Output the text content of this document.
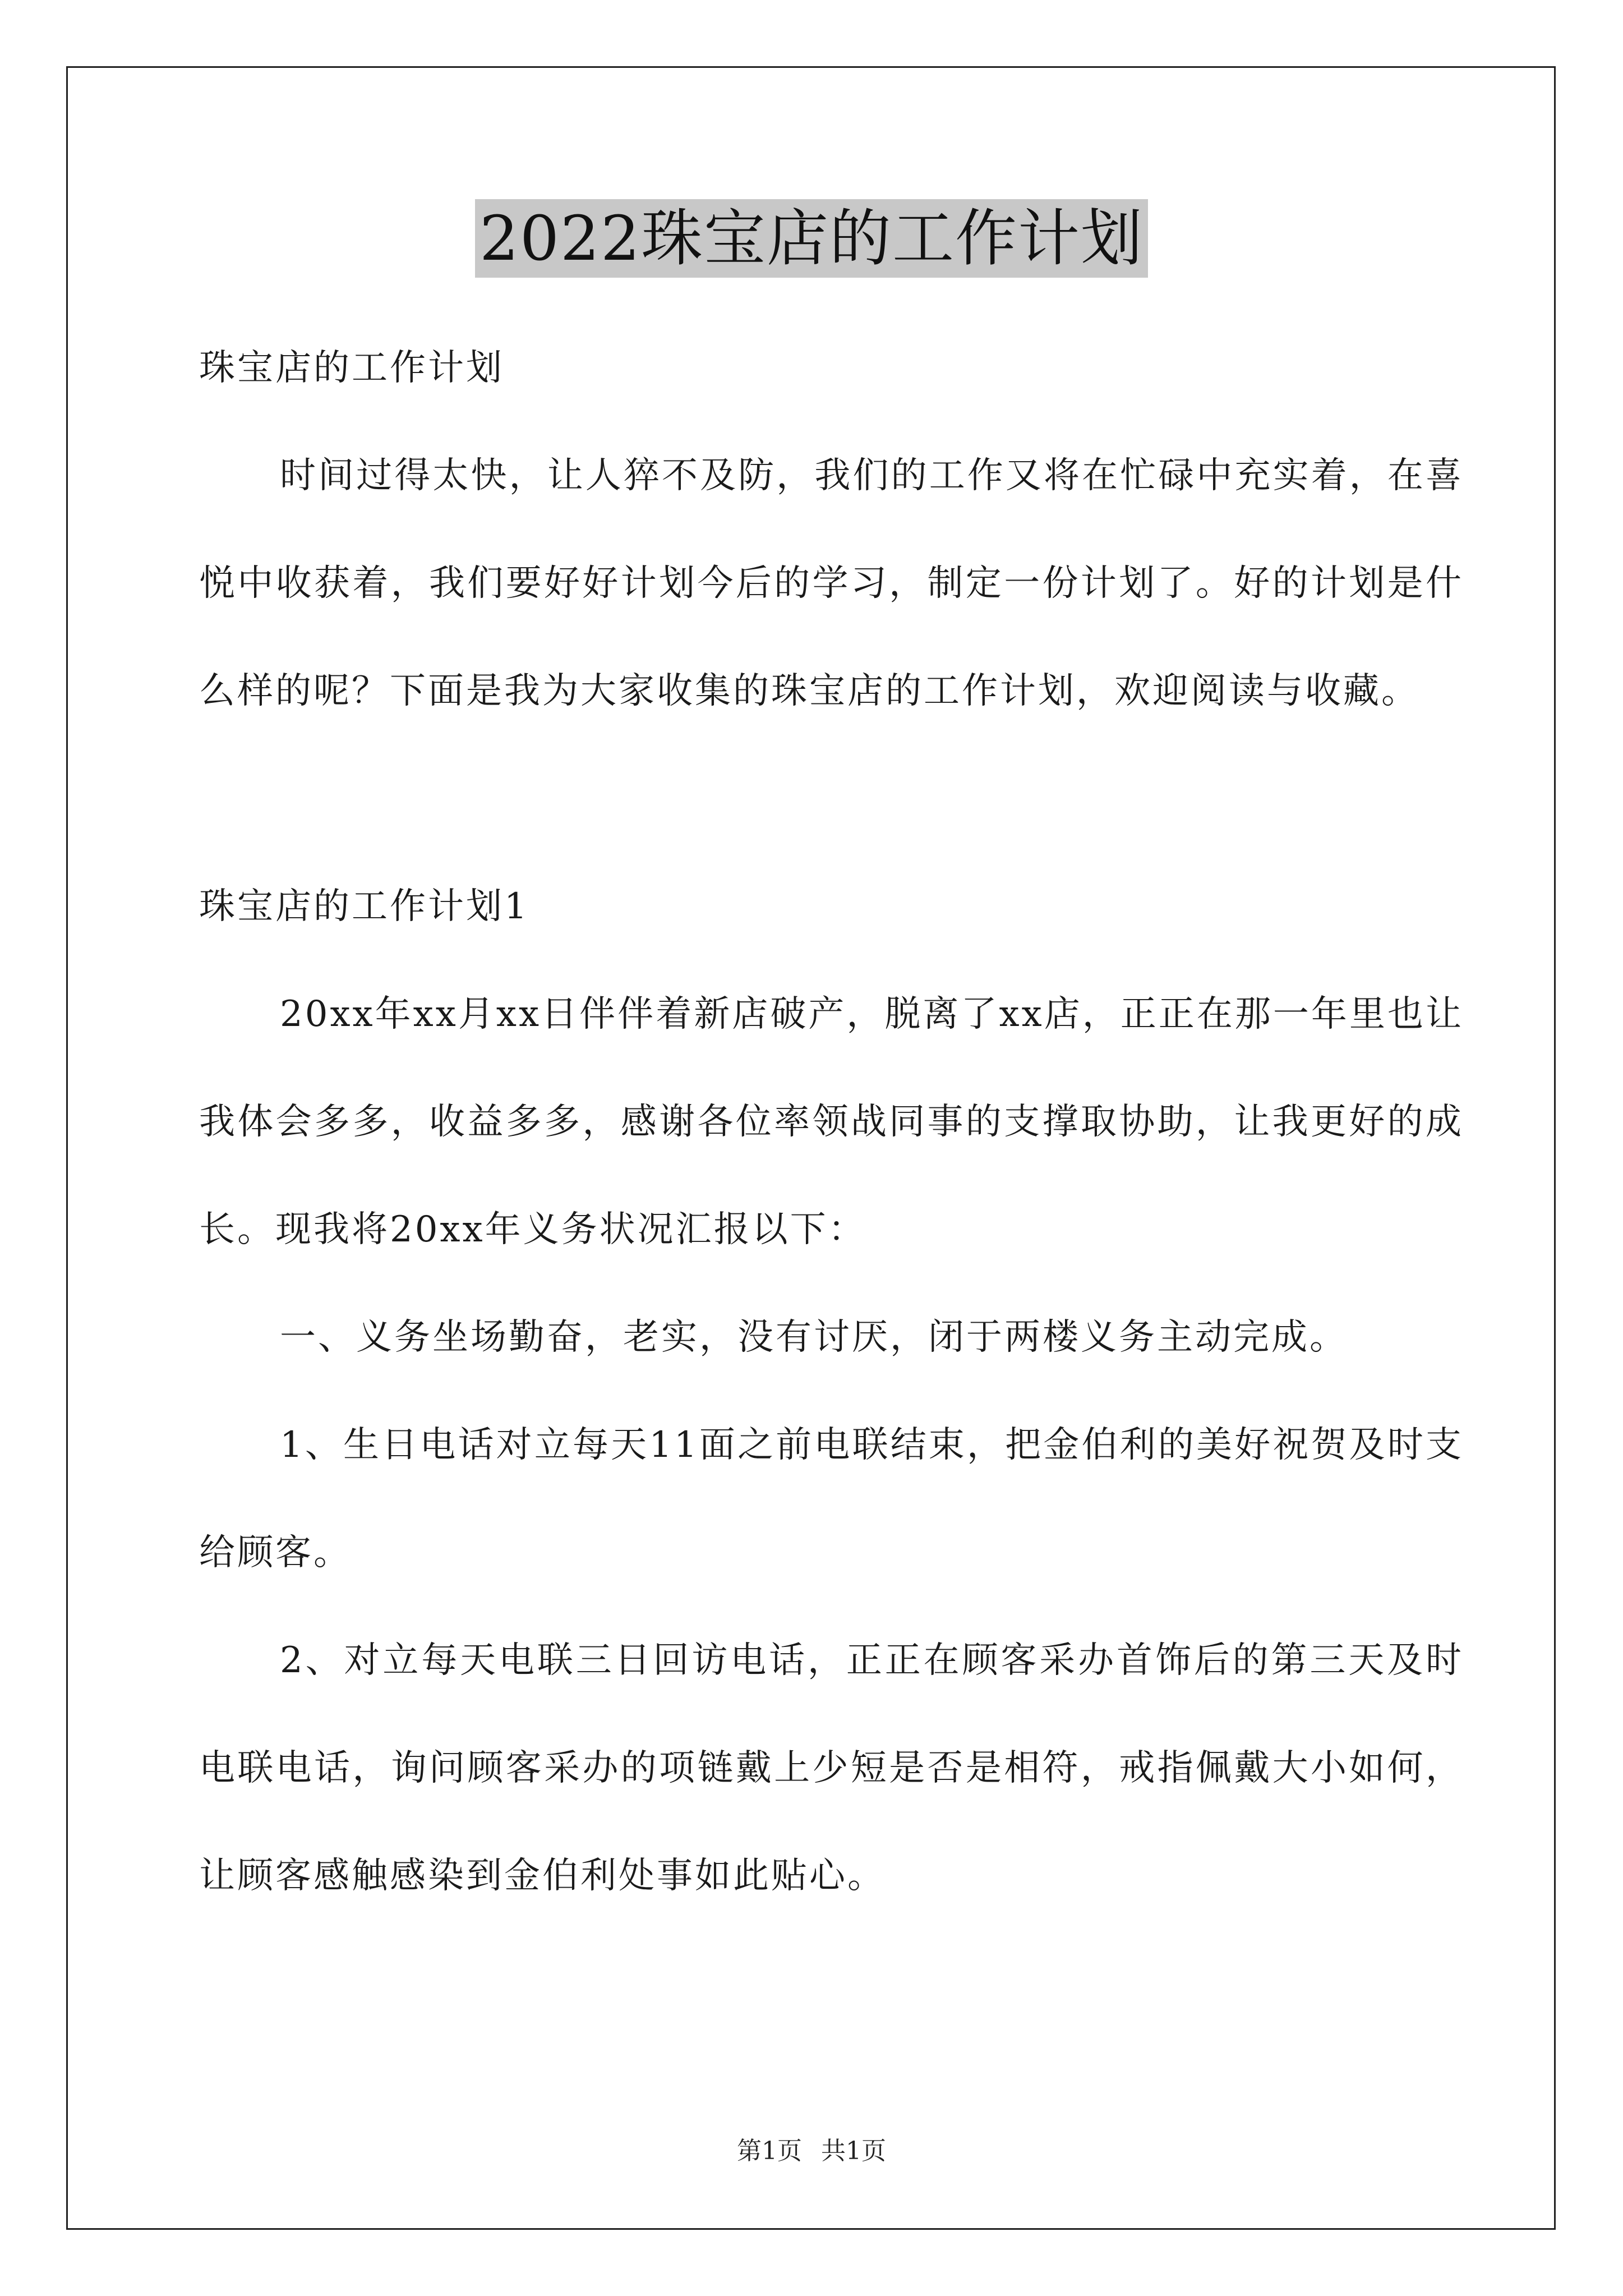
2022珠宝店的工作计划

珠宝店的工作计划

时间过得太快，让人猝不及防，我们的工作又将在忙碌中充实着，在喜悦中收获着，我们要好好计划今后的学习，制定一份计划了。好的计划是什么样的呢？下面是我为大家收集的珠宝店的工作计划，欢迎阅读与收藏。

珠宝店的工作计划1

20xx年xx月xx日伴伴着新店破产，脱离了xx店，正正在那一年里也让我体会多多，收益多多，感谢各位率领战同事的支撑取协助，让我更好的成长。现我将20xx年义务状况汇报以下：

一、义务坐场勤奋，老实，没有讨厌，闭于两楼义务主动完成。

1、生日电话对立每天11面之前电联结束，把金伯利的美好祝贺及时支给顾客。

2、对立每天电联三日回访电话，正正在顾客采办首饰后的第三天及时电联电话，询问顾客采办的项链戴上少短是否是相符，戒指佩戴大小如何，让顾客感触感染到金伯利处事如此贴心。

第1页 共1页
